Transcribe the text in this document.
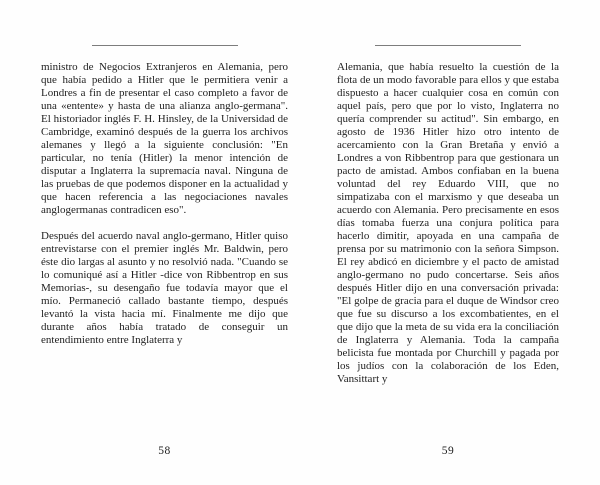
ministro de Negocios Extranjeros en Alemania, pero que había pedido a Hitler que le permitiera venir a Londres a fin de presentar el caso completo a favor de una «entente» y hasta de una alianza anglo-germana". El historiador inglés F. H. Hinsley, de la Universidad de Cambridge, examinó después de la guerra los archivos alemanes y llegó a la siguiente conclusión: "En particular, no tenía (Hitler) la menor intención de disputar a Inglaterra la supremacía naval. Ninguna de las pruebas de que podemos disponer en la actualidad y que hacen referencia a las negociaciones navales anglogermanas contradicen eso".

Después del acuerdo naval anglo-germano, Hitler quiso entrevistarse con el premier inglés Mr. Baldwin, pero éste dio largas al asunto y no resolvió nada. "Cuando se lo comuniqué así a Hitler -dice von Ribbentrop en sus Memorias-, su desengaño fue todavía mayor que el mío. Permaneció callado bastante tiempo, después levantó la vista hacia mí. Finalmente me dijo que durante años había tratado de conseguir un entendimiento entre Inglaterra y

58

Alemania, que había resuelto la cuestión de la flota de un modo favorable para ellos y que estaba dispuesto a hacer cualquier cosa en común con aquel país, pero que por lo visto, Inglaterra no quería comprender su actitud". Sin embargo, en agosto de 1936 Hitler hizo otro intento de acercamiento con la Gran Bretaña y envió a Londres a von Ribbentrop para que gestionara un pacto de amistad. Ambos confiaban en la buena voluntad del rey Eduardo VIII, que no simpatizaba con el marxismo y que deseaba un acuerdo con Alemania. Pero precisamente en esos días tomaba fuerza una conjura política para hacerlo dimitir, apoyada en una campaña de prensa por su matrimonio con la señora Simpson. El rey abdicó en diciembre y el pacto de amistad anglo-germano no pudo concertarse. Seis años después Hitler dijo en una conversación privada: "El golpe de gracia para el duque de Windsor creo que fue su discurso a los excombatientes, en el que dijo que la meta de su vida era la conciliación de Inglaterra y Alemania. Toda la campaña belicista fue montada por Churchill y pagada por los judíos con la colaboración de los Eden, Vansittart y

59
